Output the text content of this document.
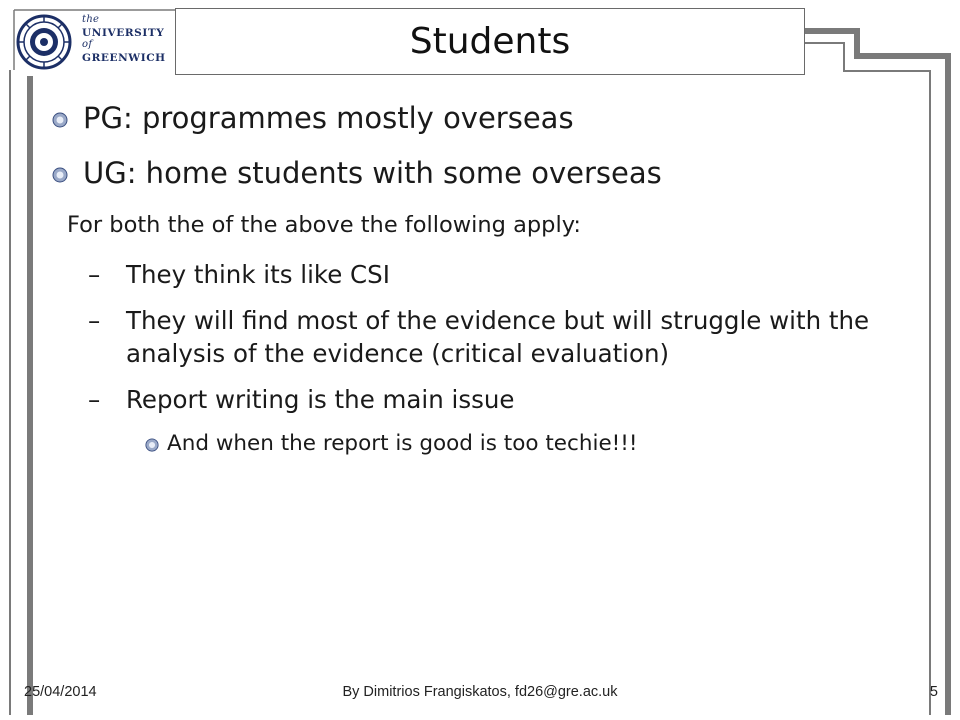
the
UNIVERSITY
of
GREENWICH	Students
PG: programmes mostly overseas
UG: home students with some overseas
For both the of the above the following apply:
– They think its like CSI
– They will find most of the evidence but will struggle with the analysis of the evidence (critical evaluation)
– Report writing is the main issue
And when the report is good is too techie!!!
25/04/2014	By Dimitrios Frangiskatos, fd26@gre.ac.uk	5
